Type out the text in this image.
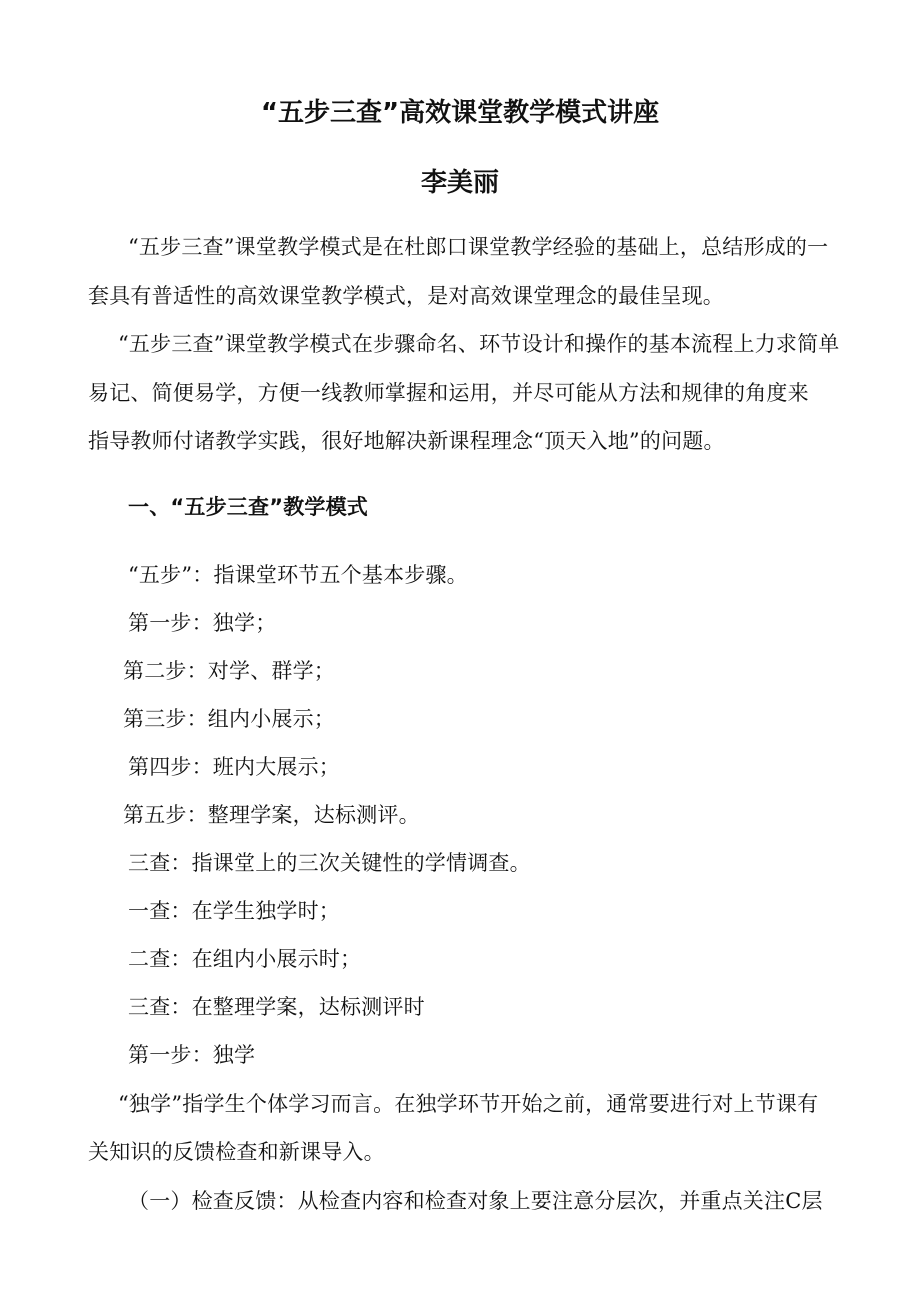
“五步三查”高效课堂教学模式讲座
李美丽
“五步三查”课堂教学模式是在杜郎口课堂教学经验的基础上，总结形成的一
套具有普适性的高效课堂教学模式，是对高效课堂理念的最佳呈现。
“五步三查”课堂教学模式在步骤命名、环节设计和操作的基本流程上力求简单
易记、简便易学，方便一线教师掌握和运用，并尽可能从方法和规律的角度来
指导教师付诸教学实践，很好地解决新课程理念“顶天入地”的问题。
一、“五步三查”教学模式
“五步”：指课堂环节五个基本步骤。
第一步：独学；
第二步：对学、群学；
第三步：组内小展示；
第四步：班内大展示；
第五步：整理学案，达标测评。
三查：指课堂上的三次关键性的学情调查。
一查：在学生独学时；
二查：在组内小展示时；
三查：在整理学案，达标测评时
第一步：独学
“独学”指学生个体学习而言。在独学环节开始之前，通常要进行对上节课有
关知识的反馈检查和新课导入。
（一）检查反馈：从检查内容和检查对象上要注意分层次，并重点关注C层
